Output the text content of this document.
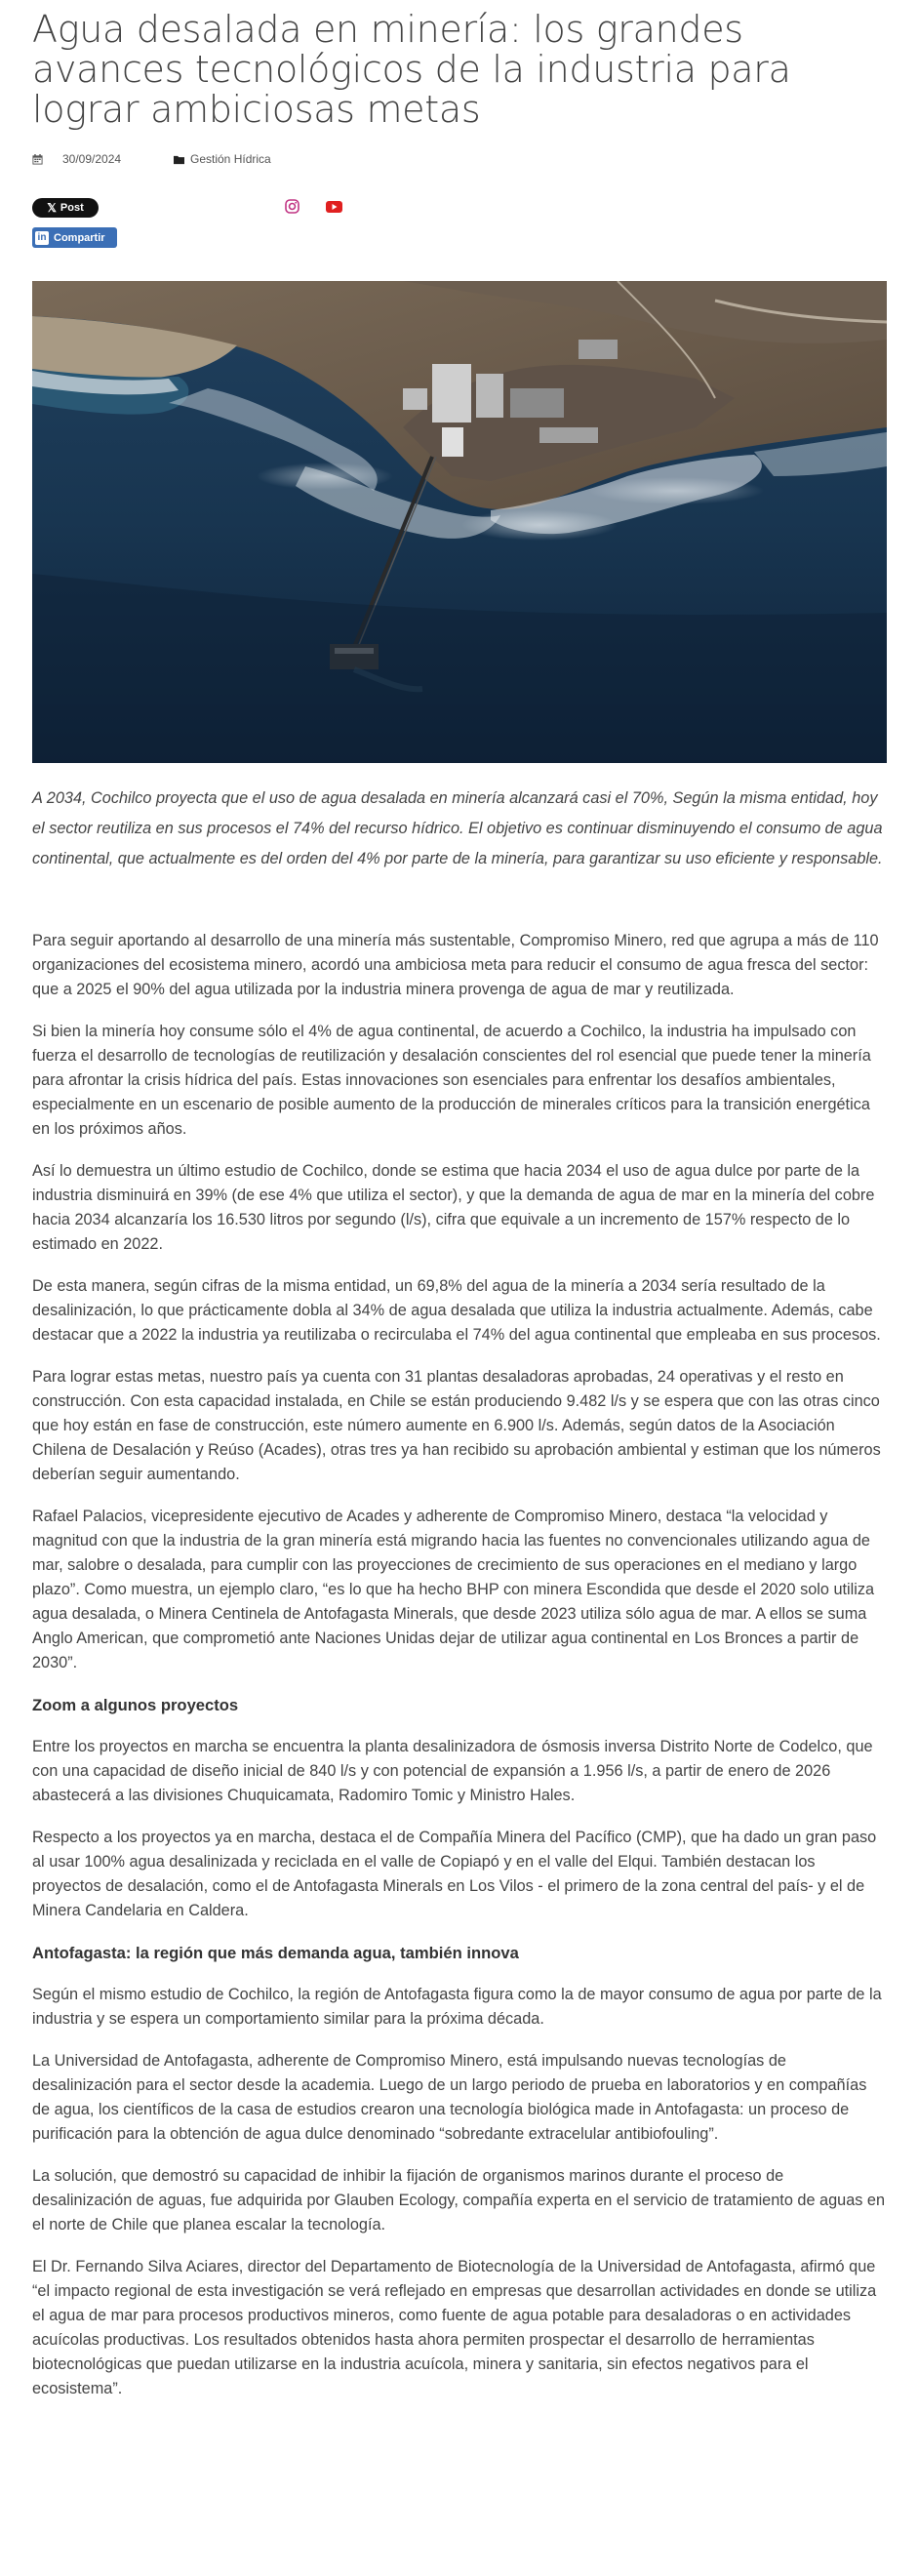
Agua desalada en minería: los grandes avances tecnológicos de la industria para lograr ambiciosas metas
30/09/2024	Gestión Hídrica
𝕏 Post
in Compartir

A 2034, Cochilco proyecta que el uso de agua desalada en minería alcanzará casi el 70%, Según la misma entidad, hoy el sector reutiliza en sus procesos el 74% del recurso hídrico. El objetivo es continuar disminuyendo el consumo de agua continental, que actualmente es del orden del 4% por parte de la minería, para garantizar su uso eficiente y responsable.

Para seguir aportando al desarrollo de una minería más sustentable, Compromiso Minero, red que agrupa a más de 110 organizaciones del ecosistema minero, acordó una ambiciosa meta para reducir el consumo de agua fresca del sector: que a 2025 el 90% del agua utilizada por la industria minera provenga de agua de mar y reutilizada.

Si bien la minería hoy consume sólo el 4% de agua continental, de acuerdo a Cochilco, la industria ha impulsado con fuerza el desarrollo de tecnologías de reutilización y desalación conscientes del rol esencial que puede tener la minería para afrontar la crisis hídrica del país. Estas innovaciones son esenciales para enfrentar los desafíos ambientales, especialmente en un escenario de posible aumento de la producción de minerales críticos para la transición energética en los próximos años.

Así lo demuestra un último estudio de Cochilco, donde se estima que hacia 2034 el uso de agua dulce por parte de la industria disminuirá en 39% (de ese 4% que utiliza el sector), y que la demanda de agua de mar en la minería del cobre hacia 2034 alcanzaría los 16.530 litros por segundo (l/s), cifra que equivale a un incremento de 157% respecto de lo estimado en 2022.

De esta manera, según cifras de la misma entidad, un 69,8% del agua de la minería a 2034 sería resultado de la desalinización, lo que prácticamente dobla al 34% de agua desalada que utiliza la industria actualmente. Además, cabe destacar que a 2022 la industria ya reutilizaba o recirculaba el 74% del agua continental que empleaba en sus procesos.

Para lograr estas metas, nuestro país ya cuenta con 31 plantas desaladoras aprobadas, 24 operativas y el resto en construcción. Con esta capacidad instalada, en Chile se están produciendo 9.482 l/s y se espera que con las otras cinco que hoy están en fase de construcción, este número aumente en 6.900 l/s. Además, según datos de la Asociación Chilena de Desalación y Reúso (Acades), otras tres ya han recibido su aprobación ambiental y estiman que los números deberían seguir aumentando.

Rafael Palacios, vicepresidente ejecutivo de Acades y adherente de Compromiso Minero, destaca “la velocidad y magnitud con que la industria de la gran minería está migrando hacia las fuentes no convencionales utilizando agua de mar, salobre o desalada, para cumplir con las proyecciones de crecimiento de sus operaciones en el mediano y largo plazo”. Como muestra, un ejemplo claro, “es lo que ha hecho BHP con minera Escondida que desde el 2020 solo utiliza agua desalada, o Minera Centinela de Antofagasta Minerals, que desde 2023 utiliza sólo agua de mar. A ellos se suma Anglo American, que comprometió ante Naciones Unidas dejar de utilizar agua continental en Los Bronces a partir de 2030”.

Zoom a algunos proyectos

Entre los proyectos en marcha se encuentra la planta desalinizadora de ósmosis inversa Distrito Norte de Codelco, que con una capacidad de diseño inicial de 840 l/s y con potencial de expansión a 1.956 l/s, a partir de enero de 2026 abastecerá a las divisiones Chuquicamata, Radomiro Tomic y Ministro Hales.

Respecto a los proyectos ya en marcha, destaca el de Compañía Minera del Pacífico (CMP), que ha dado un gran paso al usar 100% agua desalinizada y reciclada en el valle de Copiapó y en el valle del Elqui. También destacan los proyectos de desalación, como el de Antofagasta Minerals en Los Vilos - el primero de la zona central del país- y el de Minera Candelaria en Caldera.

Antofagasta: la región que más demanda agua, también innova

Según el mismo estudio de Cochilco, la región de Antofagasta figura como la de mayor consumo de agua por parte de la industria y se espera un comportamiento similar para la próxima década.

La Universidad de Antofagasta, adherente de Compromiso Minero, está impulsando nuevas tecnologías de desalinización para el sector desde la academia. Luego de un largo periodo de prueba en laboratorios y en compañías de agua, los científicos de la casa de estudios crearon una tecnología biológica made in Antofagasta: un proceso de purificación para la obtención de agua dulce denominado “sobredante extracelular antibiofouling”.

La solución, que demostró su capacidad de inhibir la fijación de organismos marinos durante el proceso de desalinización de aguas, fue adquirida por Glauben Ecology, compañía experta en el servicio de tratamiento de aguas en el norte de Chile que planea escalar la tecnología.

El Dr. Fernando Silva Aciares, director del Departamento de Biotecnología de la Universidad de Antofagasta, afirmó que “el impacto regional de esta investigación se verá reflejado en empresas que desarrollan actividades en donde se utiliza el agua de mar para procesos productivos mineros, como fuente de agua potable para desaladoras o en actividades acuícolas productivas. Los resultados obtenidos hasta ahora permiten prospectar el desarrollo de herramientas biotecnológicas que puedan utilizarse en la industria acuícola, minera y sanitaria, sin efectos negativos para el ecosistema”.
